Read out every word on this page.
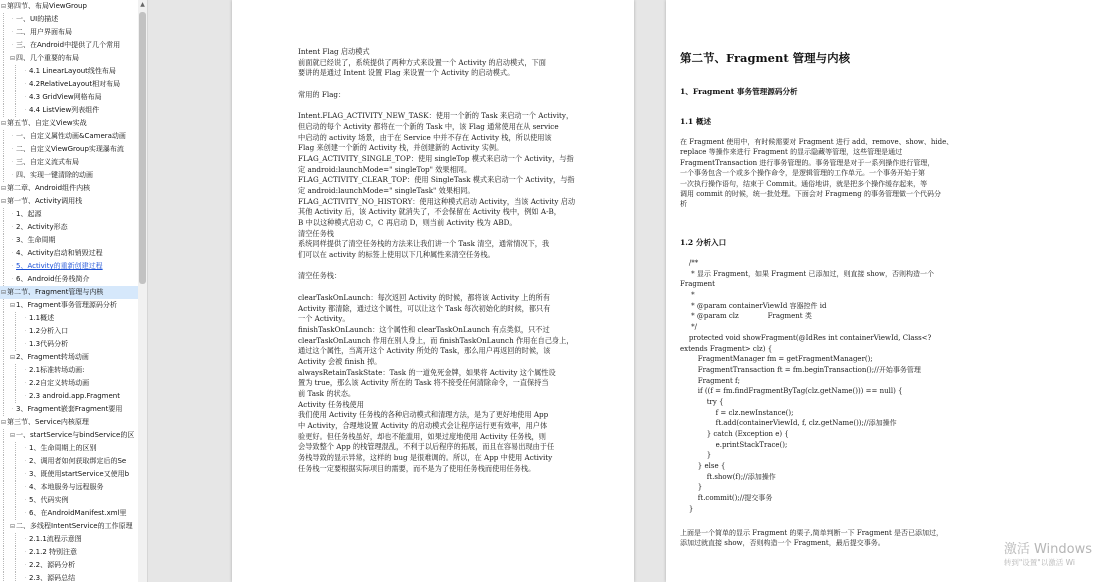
⊟第四节、布局ViewGroup
· 一、UI的描述
· 二、用户界面布局
· 三、在Android中提供了几个常用
⊟四、几个重要的布局
· 4.1 LinearLayout线性布局
· 4.2RelativeLayout相对布局
· 4.3 GridView网格布局
· 4.4 ListView列表组件
⊟第五节、自定义View实战
· 一、自定义属性动画&Camera动画
· 二、自定义ViewGroup实现瀑布流
· 三、自定义流式布局
· 四、实现一键清除的动画
⊟第二章、Android组件内核
⊟第一节、Activity调用栈
· 1、起源
· 2、Activity形态
· 3、生命周期
· 4、Activity启动和销毁过程
· 5、Activity的重新创建过程
· 6、Android任务栈简介
⊟第二节、Fragment管理与内核
⊟1、Fragment事务管理源码分析
· 1.1概述
· 1.2分析入口
· 1.3代码分析
⊟2、Fragment转场动画
· 2.1标准转场动画:
· 2.2自定义转场动画
· 2.3 android.app.Fragment
· 3、Fragment嵌套Fragment要用
⊟第三节、Service内核原理
⊟一、startService与bindService的区
· 1、生命周期上的区别
· 2、调用者如何获取绑定后的Se
· 3、既使用startService又使用b
· 4、本地服务与远程服务
· 5、代码实例
· 6、在AndroidManifest.xml里
⊟二、多线程IntentService的工作原理
· 2.1.1流程示意图
· 2.1.2 特别注意
· 2.2、源码分析
· 2.3、源码总结
▲
Intent Flag 启动模式
前面就已经说了，系统提供了两种方式来设置一个 Activity 的启动模式，下面
要讲的是通过 Intent 设置 Flag 来设置一个 Activity 的启动模式。
常用的 Flag：
Intent.FLAG_ACTIVITY_NEW_TASK：使用一个新的 Task 来启动一个 Activity，
但启动的每个 Activity 都将在一个新的 Task 中，该 Flag 通常使用在从 service
中启动的 activity 场景，由于在 Service 中并不存在 Activity 栈，所以使用该
Flag 来创建一个新的 Activity 栈，并创建新的 Activity 实例。
FLAG_ACTIVITY_SINGLE_TOP：使用 singleTop 模式来启动一个 Activity，与指
定 android:launchMode=" singleTop" 效果相同。
FLAG_ACTIVITY_CLEAR_TOP：使用 SingleTask 模式来启动一个 Activity，与指
定 android:launchMode=" singleTask" 效果相同。
FLAG_ACTIVITY_NO_HISTORY：使用这种模式启动 Activity，当该 Activity 启动
其他 Activity 后，该 Activity 就消失了，不会保留在 Activity 栈中，例如 A-B，
B 中以这种模式启动 C，C 再启动 D，则当前 Activity 栈为 ABD。
清空任务栈
系统同样提供了清空任务栈的方法来让我们讲一个 Task 清空，通常情况下，我
们可以在 activity 的标签上使用以下几种属性来清空任务栈。
清空任务栈：
clearTaskOnLaunch：每次返回 Activity 的时候，都将该 Activity 上的所有
Activity 都清除，通过这个属性，可以让这个 Task 每次初始化的时候，都只有
一个 Activity。
finishTaskOnLaunch：这个属性和 clearTaskOnLaunch 有点类似，只不过
clearTaskOnLaunch 作用在别人身上，而 finishTaskOnLaunch 作用在自己身上，
通过这个属性，当离开这个 Activity 所处的 Task，那么用户再返回的时候，该
Activity 会被 finish 掉。
alwaysRetainTaskState：Task 的一道免死金牌，如果将 Activity 这个属性设
置为 true，那么该 Activity 所在的 Task 将不接受任何清除命令，一直保持当
前 Task 的状态。
Activity 任务栈使用
我们使用 Activity 任务栈的各种启动模式和清理方法，是为了更好地使用 App
中 Activity，合理地设置 Activity 的启动模式会让程序运行更有效率，用户体
验更好。但任务栈虽好，却也不能滥用，如果过度地使用 Activity 任务栈，则
会导致整个 App 的栈管理混乱，不利于以后程序的拓展，而且在容易出现由于任
务栈导致的显示异常，这样的 bug 是很难调的。所以，在 App 中使用 Activity
任务栈一定要根据实际项目的需要，而不是为了使用任务栈而使用任务栈。
第二节、Fragment 管理与内核
1、Fragment 事务管理源码分析
1.1 概述
在 Fragment 使用中，有时候需要对 Fragment 进行 add、remove、show、hide、
replace 等操作来进行 Fragment 的显示隐藏等管理，这些管理是通过
FragmentTransaction 进行事务管理的。事务管理是对于一系列操作进行管理，
一个事务包含一个或多个操作命令，是逻辑管理的工作单元。一个事务开始于第
一次执行操作语句，结束于 Commit。通俗地讲，就是把多个操作缓存起来，等
调用 commit 的时候，统一批处理。下面会对 Fragmeng 的事务管理做一个代码分
析
1.2 分析入口
/**
* 显示 Fragment，如果 Fragment 已添加过，则直接 show，否则构造一个
Fragment
*
* @param containerViewId 容器控件 id
* @param clz             Fragment 类
*/
protected void showFragment(@IdRes int containerViewId, Class<?
extends Fragment> clz) {
FragmentManager fm = getFragmentManager();
FragmentTransaction ft = fm.beginTransaction();//开始事务管理
Fragment f;
if ((f = fm.findFragmentByTag(clz.getName())) == null) {
try {
f = clz.newInstance();
ft.add(containerViewId, f, clz.getName());//添加操作
} catch (Exception e) {
e.printStackTrace();
}
} else {
ft.show(f);//添加操作
}
ft.commit();//提交事务
}
上面是一个简单的显示 Fragment 的栗子,简单判断一下 Fragment 是否已添加过，
添加过就直接 show，否则构造一个 Fragment，最后提交事务。	激活 Windows
转到"设置"以激活 Wi
